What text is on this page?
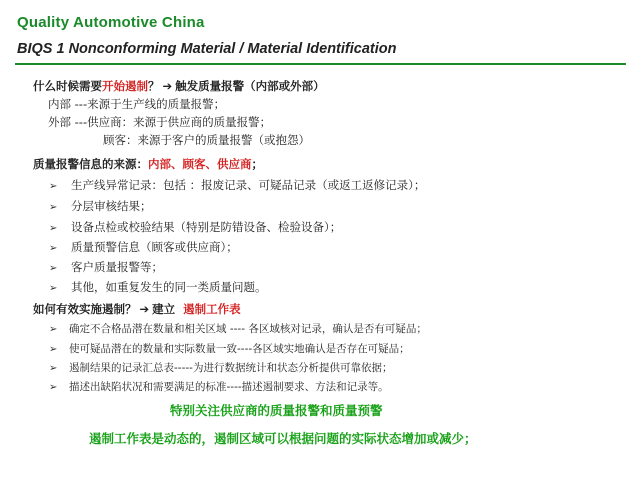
Quality Automotive China
BIQS 1 Nonconforming Material / Material Identification
什么时候需要开始遏制？ ➔ 触发质量报警（内部或外部）
内部 ---来源于生产线的质量报警；
外部 ---供应商：来源于供应商的质量报警；
顾客：来源于客户的质量报警（或抱怨）
质量报警信息的来源：内部、顾客、供应商；
➢ 生产线异常记录：包括 ：报废记录、可疑品记录（或返工返修记录）；
➢ 分层审核结果；
➢ 设备点检或校验结果（特别是防错设备、检验设备）；
➢ 质量预警信息（顾客或供应商）；
➢ 客户质量报警等；
➢ 其他，如重复发生的同一类质量问题。
如何有效实施遏制？ ➔ 建立 遏制工作表
➢ 确定不合格品潜在数量和相关区域 ---- 各区域核对记录，确认是否有可疑品；
➢ 使可疑品潜在的数量和实际数量一致----各区域实地确认是否存在可疑品；
➢ 遏制结果的记录汇总表-----为进行数据统计和状态分析提供可靠依据；
➢ 描述出缺陷状况和需要满足的标准----描述遏制要求、方法和记录等。
特别关注供应商的质量报警和质量预警
遏制工作表是动态的，遏制区域可以根据问题的实际状态增加或减少；
